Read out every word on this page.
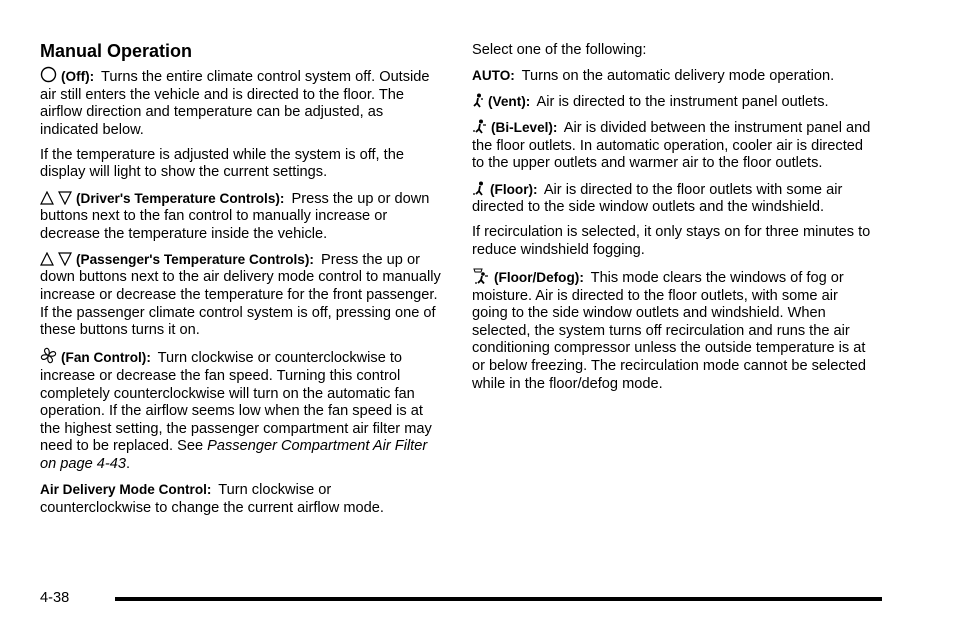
Manual Operation

(Off): Turns the entire climate control system off. Outside air still enters the vehicle and is directed to the floor. The airflow direction and temperature can be adjusted, as indicated below.

If the temperature is adjusted while the system is off, the display will light to show the current settings.

(Driver's Temperature Controls): Press the up or down buttons next to the fan control to manually increase or decrease the temperature inside the vehicle.

(Passenger's Temperature Controls): Press the up or down buttons next to the air delivery mode control to manually increase or decrease the temperature for the front passenger. If the passenger climate control system is off, pressing one of these buttons turns it on.

(Fan Control): Turn clockwise or counterclockwise to increase or decrease the fan speed. Turning this control completely counterclockwise will turn on the automatic fan operation. If the airflow seems low when the fan speed is at the highest setting, the passenger compartment air filter may need to be replaced. See Passenger Compartment Air Filter on page 4-43.

Air Delivery Mode Control: Turn clockwise or counterclockwise to change the current airflow mode.

Select one of the following:

AUTO: Turns on the automatic delivery mode operation.

(Vent): Air is directed to the instrument panel outlets.

(Bi-Level): Air is divided between the instrument panel and the floor outlets. In automatic operation, cooler air is directed to the upper outlets and warmer air to the floor outlets.

(Floor): Air is directed to the floor outlets with some air directed to the side window outlets and the windshield.

If recirculation is selected, it only stays on for three minutes to reduce windshield fogging.

(Floor/Defog): This mode clears the windows of fog or moisture. Air is directed to the floor outlets, with some air going to the side window outlets and windshield. When selected, the system turns off recirculation and runs the air conditioning compressor unless the outside temperature is at or below freezing. The recirculation mode cannot be selected while in the floor/defog mode.

4-38
